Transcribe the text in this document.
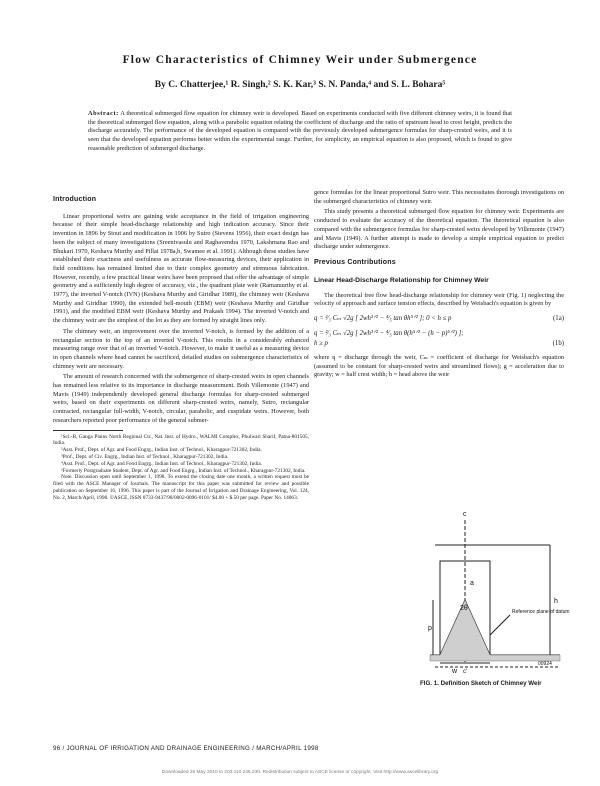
Flow Characteristics of Chimney Weir under Submergence
By C. Chatterjee,¹ R. Singh,² S. K. Kar,³ S. N. Panda,⁴ and S. L. Bohara⁵
Abstract: A theoretical submerged flow equation for chimney weir is developed. Based on experiments conducted with five different chimney weirs, it is found that the theoretical submerged flow equation, along with a parabolic equation relating the coefficient of discharge and the ratio of upstream head to crest height, predicts the discharge accurately. The performance of the developed equation is compared with the previously developed submergence formulas for sharp-crested weirs, and it is seen that the developed equation performs better within the experimental range. Further, for simplicity, an empirical equation is also proposed, which is found to give reasonable prediction of submerged discharge.
Introduction

Linear proportional weirs are gaining wide acceptance in the field of irrigation engineering because of their simple head-discharge relationship and high indication accuracy. Since their invention in 1896 by Stout and modification in 1906 by Sutro (Stevens 1956), their exact design has been the subject of many investigations (Sreenivasulu and Raghavendra 1970, Lakshmana Rao and Bhukari 1970, Keshava Murthy and Pillai 1978a,b, Swamee et al. 1991). Although these studies have established their exactness and usefulness as accurate flow-measuring devices, their application in field conditions has remained limited due to their complex geometry and strenuous fabrication. However, recently, a few practical linear weirs have been proposed that offer the advantage of simple geometry and a sufficiently high degree of accuracy, viz., the quadrant plate weir (Ramamurthy et al. 1977), the inverted V-notch (IVN) (Keshava Murthy and Giridhar 1989), the chimney weir (Keshava Murthy and Giridhar 1990), the extended bell-mouth (EBM) weir (Keshava Murthy and Giridhar 1991), and the modified EBM weir (Keshava Murthy and Prakash 1994). The inverted V-notch and the chimney weir are the simplest of the lot as they are formed by straight lines only.

The chimney weir, an improvement over the inverted V-notch, is formed by the addition of a rectangular section to the top of an inverted V-notch. This results in a considerably enhanced measuring range over that of an inverted V-notch. However, to make it useful as a measuring device in open channels where head cannot be sacrificed, detailed studies on submergence characteristics of chimney weir are necessary.

The amount of research concerned with the submergence of sharp-crested weirs in open channels has remained less relative to its importance in discharge measurement. Both Villemonte (1947) and Mavis (1949) independently developed general discharge formulas for sharp-crested submerged weirs, based on their experiments on different sharp-crested weirs, namely, Sutro, rectangular contracted, rectangular full-width, V-notch, circular, parabolic, and cuspidate weirs. However, both researchers reported poor performance of the general submer-

¹Sci.-B, Ganga Plains North Regional Ctr., Nat. Inst. of Hydro., WALMI Complex, Phulwari Sharif, Patna-801505, India.

²Asst. Prof., Dept. of Agr. and Food Engrg., Indian Inst. of Technol., Kharagpur-721302, India.

³Prof., Dept. of Civ. Engrg., Indian Inst. of Technol., Kharagpur-721302, India.

⁴Asst. Prof., Dept. of Agr. and Food Engrg., Indian Inst. of Technol., Kharagpur-721302, India.

⁵Formerly Postgraduate Student, Dept. of Agr. and Food Engrg., Indian Inst. of Technol., Kharagpur-721302, India.

Note. Discussion open until September 1, 1998. To extend the closing date one month, a written request must be filed with the ASCE Manager of Journals. The manuscript for this paper was submitted for review and possible publication on September 16, 1996. This paper is part of the Journal of Irrigation and Drainage Engineering, Vol. 124, No. 2, March/April, 1998. ©ASCE, ISSN 0733-9437/98/0002-0096-0101/ $4.00 + $.50 per page. Paper No. 14063.

gence formulas for the linear proportional Sutro weir. This necessitates thorough investigations on the submerged characteristics of chimney weir.

This study presents a theoretical submerged flow equation for chimney weir. Experiments are conducted to evaluate the accuracy of the theoretical equation. The theoretical equation is also compared with the submergence formulas for sharp-crested weirs developed by Villemonte (1947) and Mavis (1949). A further attempt is made to develop a simple empirical equation to predict discharge under submergence.

Previous Contributions
Linear Head-Discharge Relationship for Chimney Weir

The theoretical free flow head-discharge relationship for chimney weir (Fig. 1) neglecting the velocity of approach and surface tension effects, described by Weisbach's equation is given by

(1a)
q = ²⁄₃ Cₘ √2g [ 2wh³ᐟ² − ⁴⁄₅ tan θh⁵ᐟ² ]; 0 < h ≤ p
q = ²⁄₃ Cₘ √2g [ 2wh³ᐟ² − ⁴⁄₅ tan θ(h⁵ᐟ² − (h − p)⁵ᐟ²) ];

(1b)
h ≥ p

where q = discharge through the weir, Cₘ = coefficient of discharge for Weisbach's equation (assumed to be constant for sharp-crested weirs and streamlined flows); g = acceleration due to gravity; w = half crest width; h = head above the weir

c
h
p
2θ
a
w c'
Reference plane of datum
00924
FIG. 1. Definition Sketch of Chimney Weir
96 / JOURNAL OF IRRIGATION AND DRAINAGE ENGINEERING / MARCH/APRIL 1998
Downloaded 26 May 2010 to 203.110.246.230. Redistribution subject to ASCE license or copyright. Visit http://www.ascelibrary.org
